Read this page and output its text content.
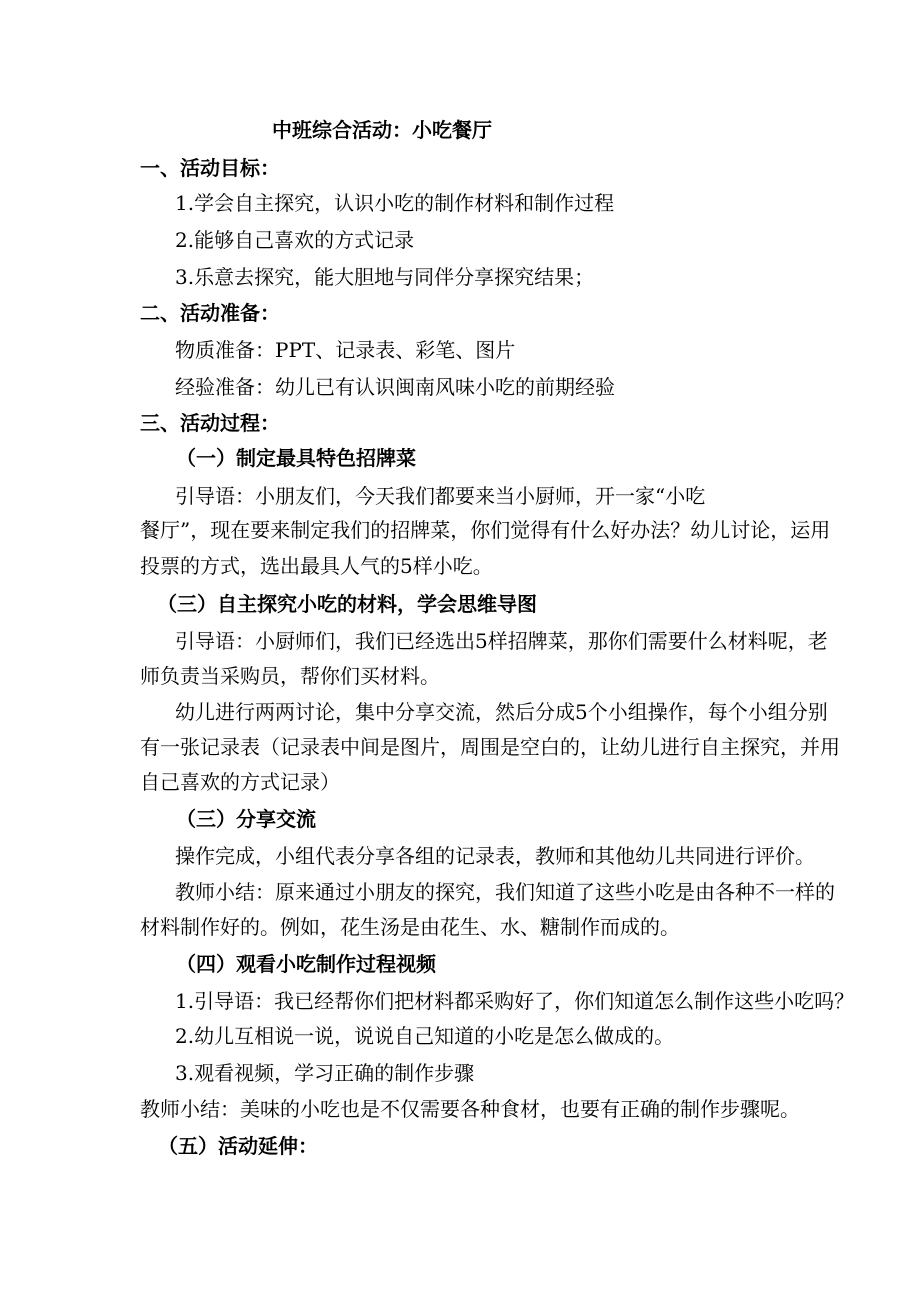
中班综合活动：小吃餐厅
一、活动目标：
1.学会自主探究，认识小吃的制作材料和制作过程
2.能够自己喜欢的方式记录
3.乐意去探究，能大胆地与同伴分享探究结果；
二、活动准备：
物质准备：PPT、记录表、彩笔、图片
经验准备：幼儿已有认识闽南风味小吃的前期经验
三、活动过程：
（一）制定最具特色招牌菜
引导语：小朋友们，今天我们都要来当小厨师，开一家“小吃
餐厅”，现在要来制定我们的招牌菜，你们觉得有什么好办法？幼儿讨论，运用
投票的方式，选出最具人气的5样小吃。
（三）自主探究小吃的材料，学会思维导图
引导语：小厨师们，我们已经选出5样招牌菜，那你们需要什么材料呢，老
师负责当采购员，帮你们买材料。
幼儿进行两两讨论，集中分享交流，然后分成5个小组操作，每个小组分别
有一张记录表（记录表中间是图片，周围是空白的，让幼儿进行自主探究，并用
自己喜欢的方式记录）
（三）分享交流
操作完成，小组代表分享各组的记录表，教师和其他幼儿共同进行评价。
教师小结：原来通过小朋友的探究，我们知道了这些小吃是由各种不一样的
材料制作好的。例如，花生汤是由花生、水、糖制作而成的。
（四）观看小吃制作过程视频
1.引导语：我已经帮你们把材料都采购好了，你们知道怎么制作这些小吃吗？
2.幼儿互相说一说，说说自己知道的小吃是怎么做成的。
3.观看视频，学习正确的制作步骤
教师小结：美味的小吃也是不仅需要各种食材，也要有正确的制作步骤呢。
（五）活动延伸：
